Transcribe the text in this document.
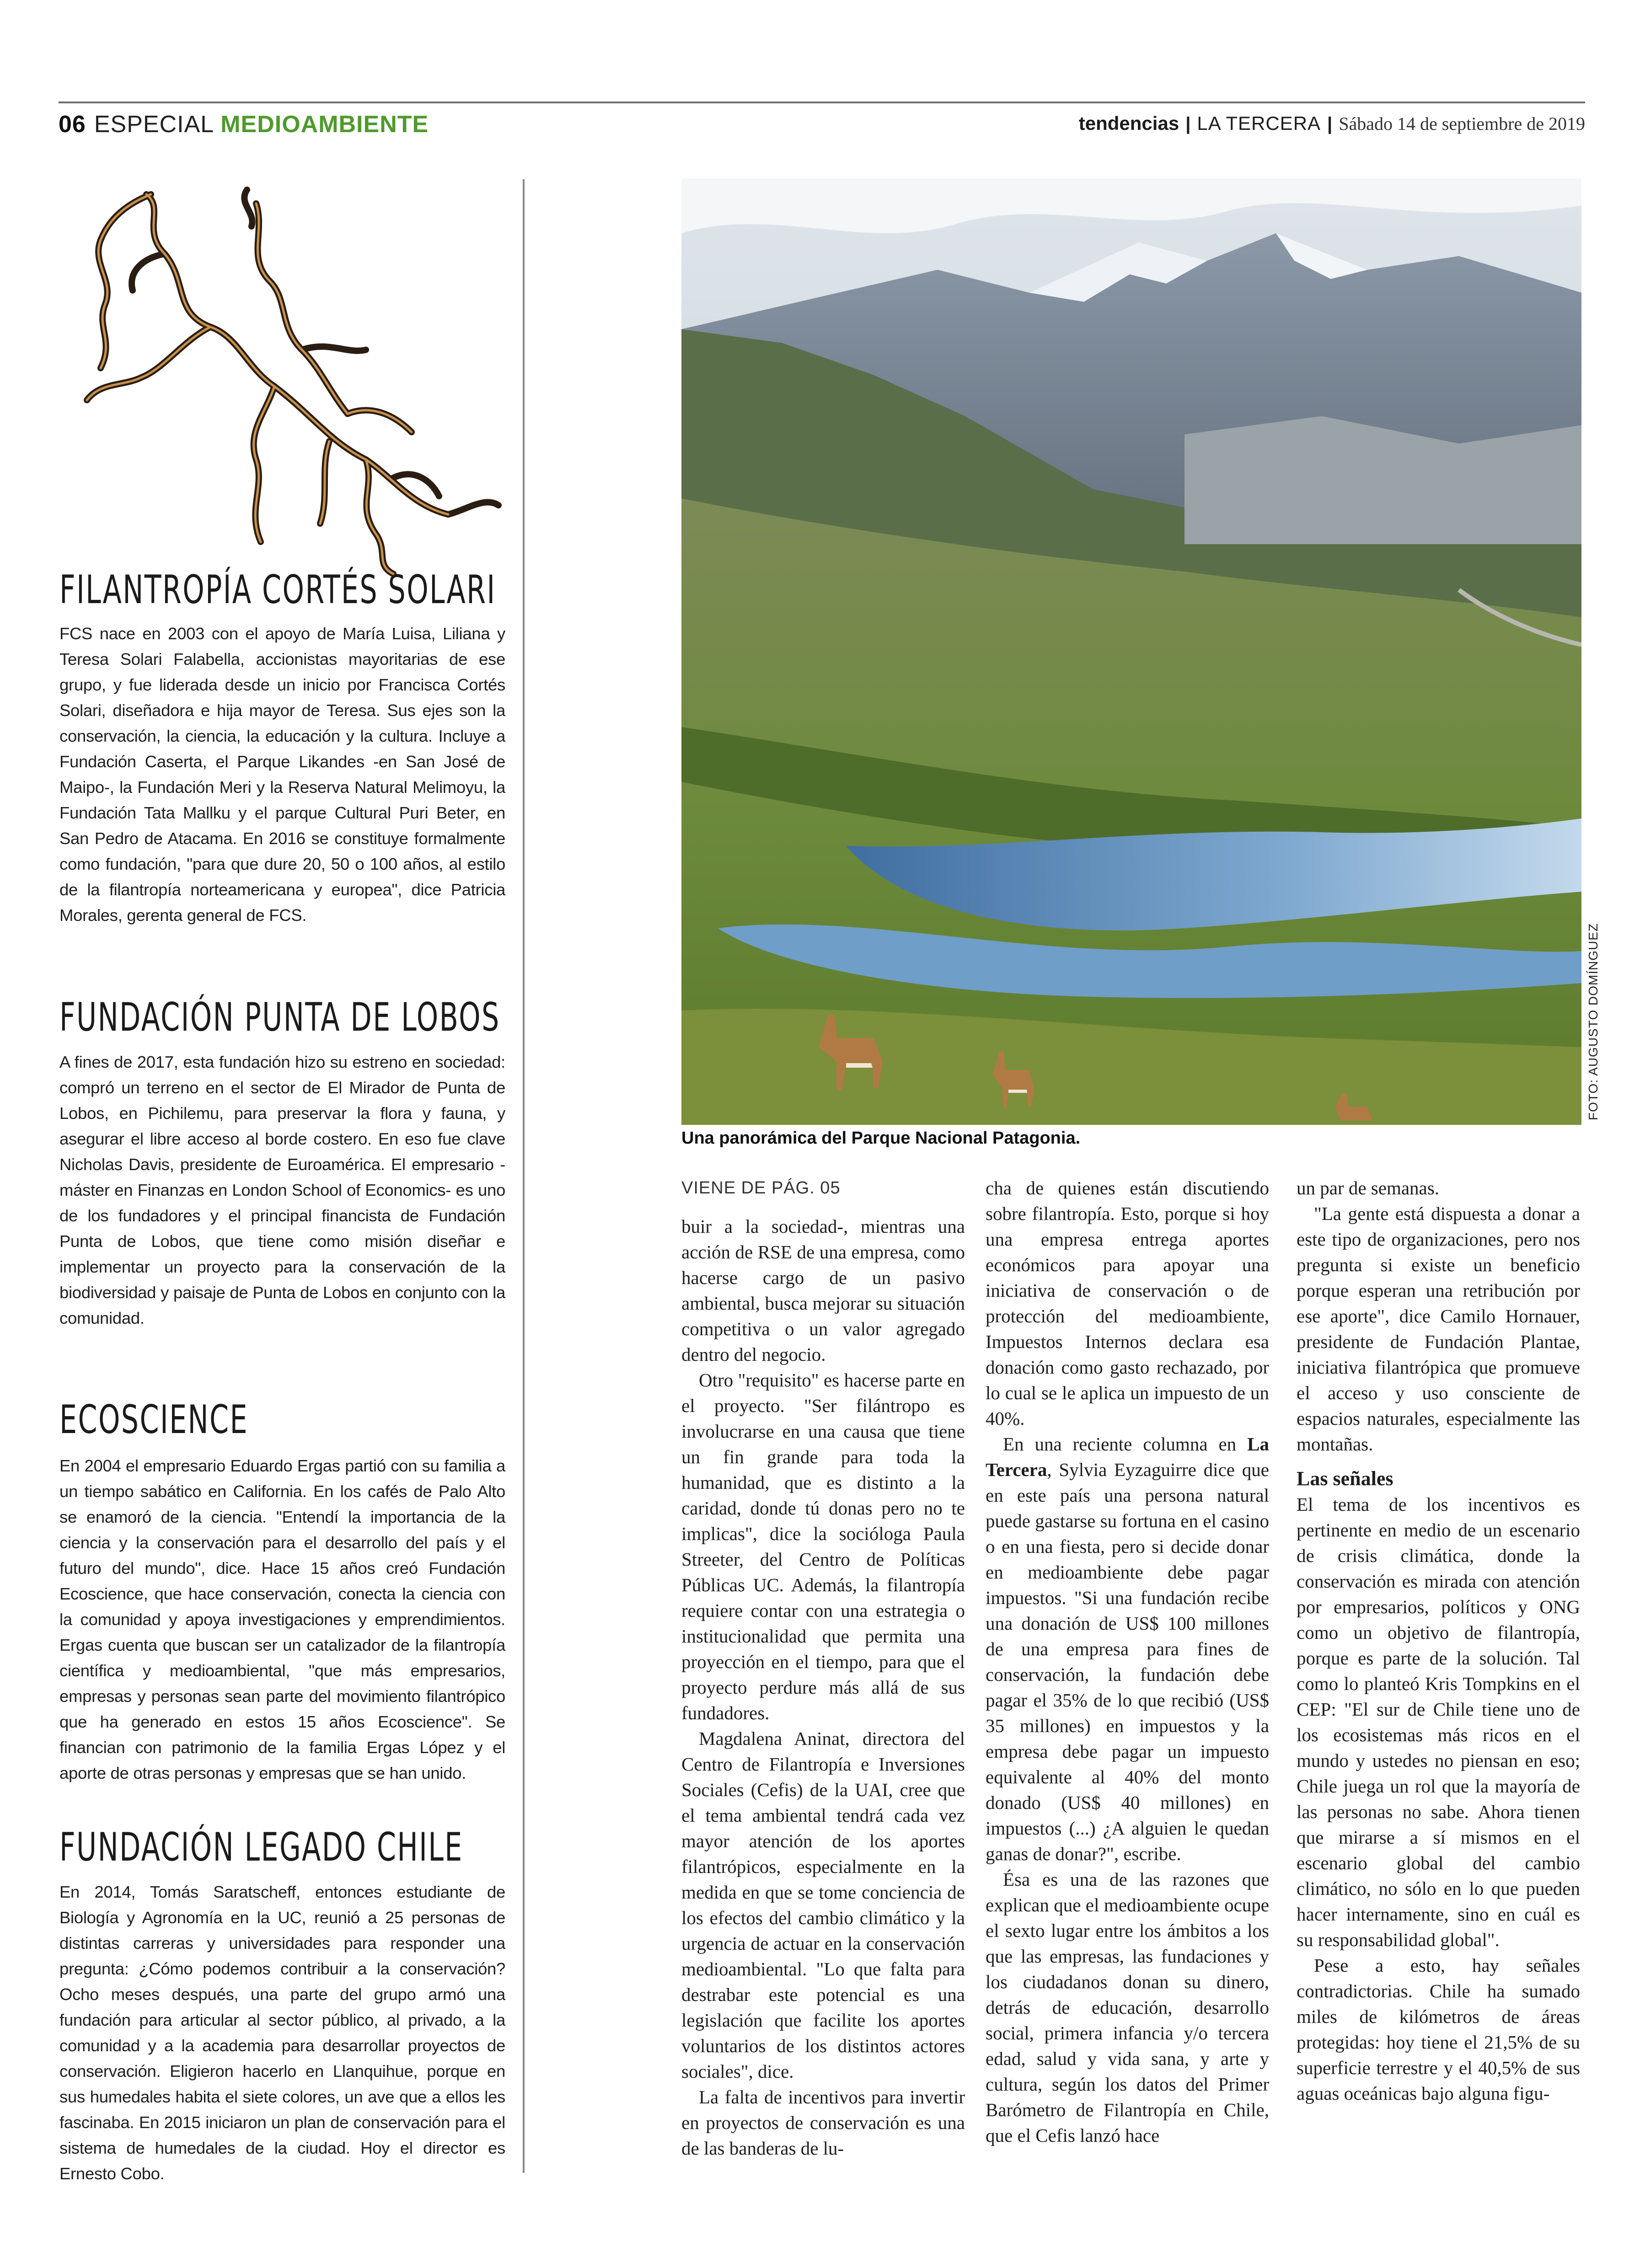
06 ESPECIAL MEDIOAMBIENTE	tendencias | LA TERCERA | Sábado 14 de septiembre de 2019
FILANTROPÍA CORTÉS SOLARI
FCS nace en 2003 con el apoyo de María Luisa, Liliana y Teresa Solari Falabella, accionistas mayoritarias de ese grupo, y fue liderada desde un inicio por Francisca Cortés Solari, diseñadora e hija mayor de Teresa. Sus ejes son la conservación, la ciencia, la educación y la cultura. Incluye a Fundación Caserta, el Parque Likandes -en San José de Maipo-, la Fundación Meri y la Reserva Natural Melimoyu, la Fundación Tata Mallku y el parque Cultural Puri Beter, en San Pedro de Atacama. En 2016 se constituye formalmente como fundación, "para que dure 20, 50 o 100 años, al estilo de la filantropía norteamericana y europea", dice Patricia Morales, gerenta general de FCS.
FUNDACIÓN PUNTA DE LOBOS
A fines de 2017, esta fundación hizo su estreno en sociedad: compró un terreno en el sector de El Mirador de Punta de Lobos, en Pichilemu, para preservar la flora y fauna, y asegurar el libre acceso al borde costero. En eso fue clave Nicholas Davis, presidente de Euroamérica. El empresario -máster en Finanzas en London School of Economics- es uno de los fundadores y el principal financista de Fundación Punta de Lobos, que tiene como misión diseñar e implementar un proyecto para la conservación de la biodiversidad y paisaje de Punta de Lobos en conjunto con la comunidad.
ECOSCIENCE
En 2004 el empresario Eduardo Ergas partió con su familia a un tiempo sabático en California. En los cafés de Palo Alto se enamoró de la ciencia. "Entendí la importancia de la ciencia y la conservación para el desarrollo del país y el futuro del mundo", dice. Hace 15 años creó Fundación Ecoscience, que hace conservación, conecta la ciencia con la comunidad y apoya investigaciones y emprendimientos. Ergas cuenta que buscan ser un catalizador de la filantropía científica y medioambiental, "que más empresarios, empresas y personas sean parte del movimiento filantrópico que ha generado en estos 15 años Ecoscience". Se financian con patrimonio de la familia Ergas López y el aporte de otras personas y empresas que se han unido.
FUNDACIÓN LEGADO CHILE
En 2014, Tomás Saratscheff, entonces estudiante de Biología y Agronomía en la UC, reunió a 25 personas de distintas carreras y universidades para responder una pregunta: ¿Cómo podemos contribuir a la conservación? Ocho meses después, una parte del grupo armó una fundación para articular al sector público, al privado, a la comunidad y a la academia para desarrollar proyectos de conservación. Eligieron hacerlo en Llanquihue, porque en sus humedales habita el siete colores, un ave que a ellos les fascinaba. En 2015 iniciaron un plan de conservación para el sistema de humedales de la ciudad. Hoy el director es Ernesto Cobo.
FOTO: AUGUSTO DOMÍNGUEZ
Una panorámica del Parque Nacional Patagonia.

VIENE DE PÁG. 05

buir a la sociedad-, mientras una acción de RSE de una empresa, como hacerse cargo de un pasivo ambiental, busca mejorar su situación competitiva o un valor agregado dentro del negocio.

Otro "requisito" es hacerse parte en el proyecto. "Ser filántropo es involucrarse en una causa que tiene un fin grande para toda la humanidad, que es distinto a la caridad, donde tú donas pero no te implicas", dice la socióloga Paula Streeter, del Centro de Políticas Públicas UC. Además, la filantropía requiere contar con una estrategia o institucionalidad que permita una proyección en el tiempo, para que el proyecto perdure más allá de sus fundadores.

Magdalena Aninat, directora del Centro de Filantropía e Inversiones Sociales (Cefis) de la UAI, cree que el tema ambiental tendrá cada vez mayor atención de los aportes filantrópicos, especialmente en la medida en que se tome conciencia de los efectos del cambio climático y la urgencia de actuar en la conservación medioambiental. "Lo que falta para destrabar este potencial es una legislación que facilite los aportes voluntarios de los distintos actores sociales", dice.

La falta de incentivos para invertir en proyectos de conservación es una de las banderas de lu-

cha de quienes están discutiendo sobre filantropía. Esto, porque si hoy una empresa entrega aportes económicos para apoyar una iniciativa de conservación o de protección del medioambiente, Impuestos Internos declara esa donación como gasto rechazado, por lo cual se le aplica un impuesto de un 40%.

En una reciente columna en La Tercera, Sylvia Eyzaguirre dice que en este país una persona natural puede gastarse su fortuna en el casino o en una fiesta, pero si decide donar en medioambiente debe pagar impuestos. "Si una fundación recibe una donación de US$ 100 millones de una empresa para fines de conservación, la fundación debe pagar el 35% de lo que recibió (US$ 35 millones) en impuestos y la empresa debe pagar un impuesto equivalente al 40% del monto donado (US$ 40 millones) en impuestos (...) ¿A alguien le quedan ganas de donar?", escribe.

Ésa es una de las razones que explican que el medioambiente ocupe el sexto lugar entre los ámbitos a los que las empresas, las fundaciones y los ciudadanos donan su dinero, detrás de educación, desarrollo social, primera infancia y/o tercera edad, salud y vida sana, y arte y cultura, según los datos del Primer Barómetro de Filantropía en Chile, que el Cefis lanzó hace

un par de semanas.

"La gente está dispuesta a donar a este tipo de organizaciones, pero nos pregunta si existe un beneficio porque esperan una retribución por ese aporte", dice Camilo Hornauer, presidente de Fundación Plantae, iniciativa filantrópica que promueve el acceso y uso consciente de espacios naturales, especialmente las montañas.

Las señales

El tema de los incentivos es pertinente en medio de un escenario de crisis climática, donde la conservación es mirada con atención por empresarios, políticos y ONG como un objetivo de filantropía, porque es parte de la solución. Tal como lo planteó Kris Tompkins en el CEP: "El sur de Chile tiene uno de los ecosistemas más ricos en el mundo y ustedes no piensan en eso; Chile juega un rol que la mayoría de las personas no sabe. Ahora tienen que mirarse a sí mismos en el escenario global del cambio climático, no sólo en lo que pueden hacer internamente, sino en cuál es su responsabilidad global".

Pese a esto, hay señales contradictorias. Chile ha sumado miles de kilómetros de áreas protegidas: hoy tiene el 21,5% de su superficie terrestre y el 40,5% de sus aguas oceánicas bajo alguna figu-
